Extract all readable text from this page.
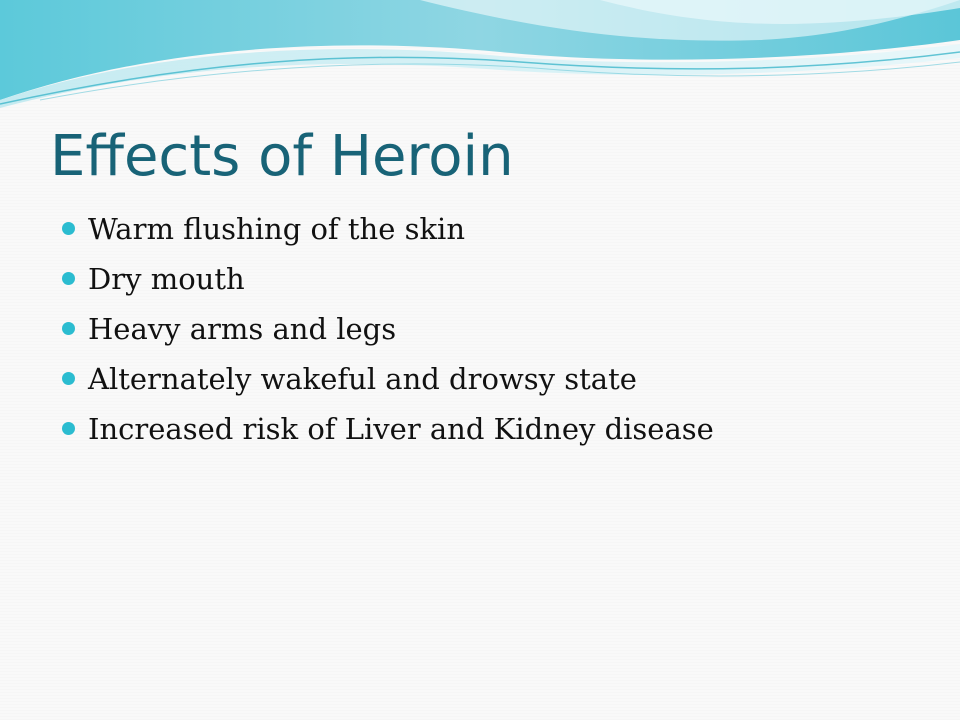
Effects of Heroin
Warm flushing of the skin
Dry mouth
Heavy arms and legs
Alternately wakeful and drowsy state
Increased risk of Liver and Kidney disease
